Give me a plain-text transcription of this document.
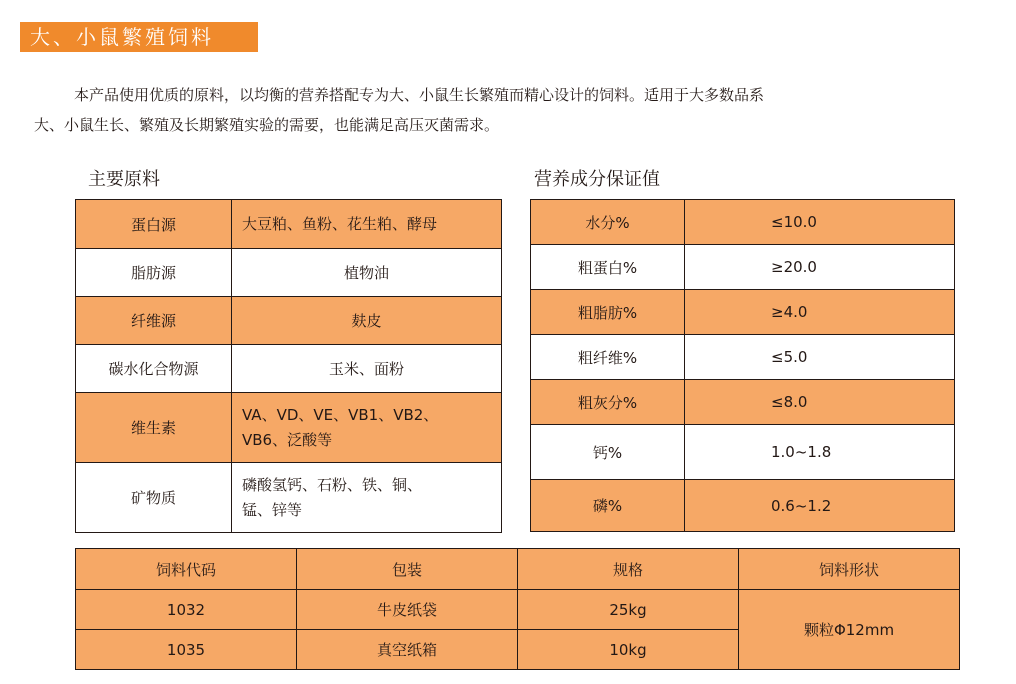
大、小鼠繁殖饲料

本产品使用优质的原料，以均衡的营养搭配专为大、小鼠生长繁殖而精心设计的饲料。适用于大多数品系

大、小鼠生长、繁殖及长期繁殖实验的需要，也能满足高压灭菌需求。

主要原料	营养成分保证值
蛋白源	大豆粕、鱼粉、花生粕、酵母
脂肪源	植物油
纤维源	麸皮
碳水化合物源	玉米、面粉
维生素	VA、VD、VE、VB1、VB2、
VB6、泛酸等
矿物质	磷酸氢钙、石粉、铁、铜、
锰、锌等
水分%	≤10.0
粗蛋白%	≥20.0
粗脂肪%	≥4.0
粗纤维%	≤5.0
粗灰分%	≤8.0
钙%	1.0~1.8
磷%	0.6~1.2
饲料代码	包装	规格	饲料形状
1032	牛皮纸袋	25kg	颗粒Φ12mm
1035	真空纸箱	10kg	
